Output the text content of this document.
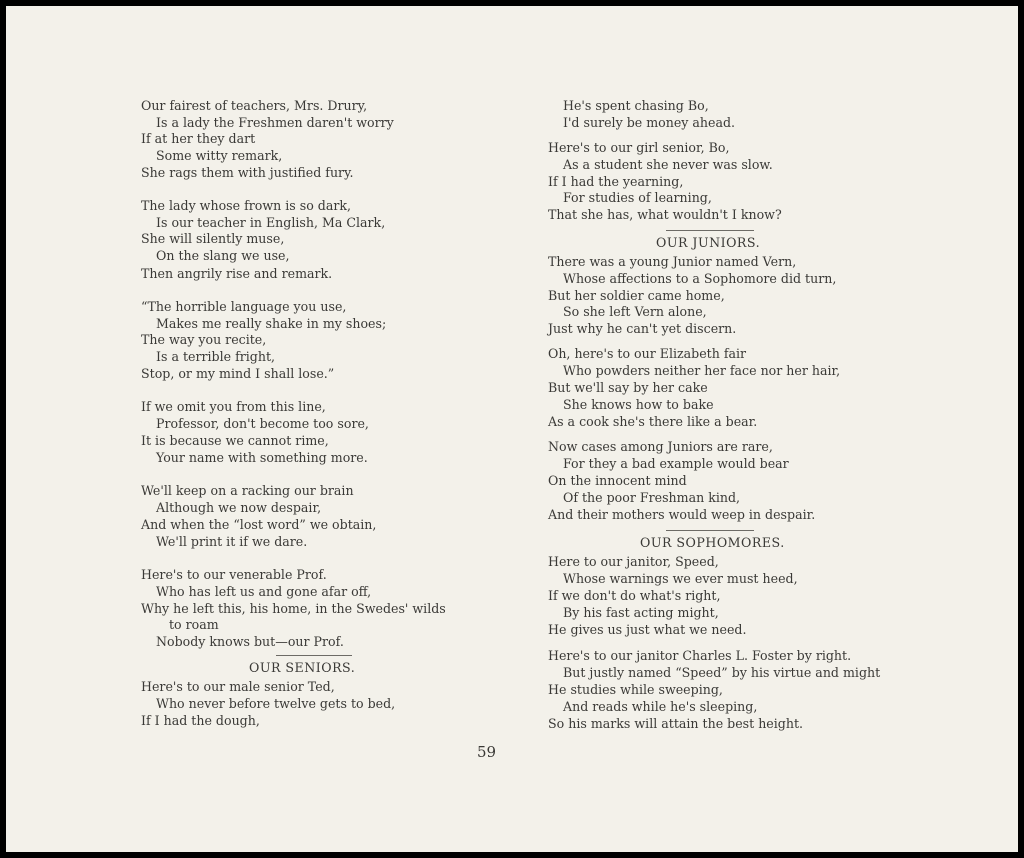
Our fairest of teachers, Mrs. Drury,
Is a lady the Freshmen daren't worry
If at her they dart
Some witty remark,
She rags them with justified fury.
The lady whose frown is so dark,
Is our teacher in English, Ma Clark,
She will silently muse,
On the slang we use,
Then angrily rise and remark.
“The horrible language you use,
Makes me really shake in my shoes;
The way you recite,
Is a terrible fright,
Stop, or my mind I shall lose.”
If we omit you from this line,
Professor, don't become too sore,
It is because we cannot rime,
Your name with something more.
We'll keep on a racking our brain
Although we now despair,
And when the “lost word” we obtain,
We'll print it if we dare.
Here's to our venerable Prof.
Who has left us and gone afar off,
Why he left this, his home, in the Swedes' wilds
to roam
Nobody knows but—our Prof.
OUR SENIORS.
Here's to our male senior Ted,
Who never before twelve gets to bed,
If I had the dough,
He's spent chasing Bo,
I'd surely be money ahead.
Here's to our girl senior, Bo,
As a student she never was slow.
If I had the yearning,
For studies of learning,
That she has, what wouldn't I know?
OUR JUNIORS.
There was a young Junior named Vern,
Whose affections to a Sophomore did turn,
But her soldier came home,
So she left Vern alone,
Just why he can't yet discern.
Oh, here's to our Elizabeth fair
Who powders neither her face nor her hair,
But we'll say by her cake
She knows how to bake
As a cook she's there like a bear.
Now cases among Juniors are rare,
For they a bad example would bear
On the innocent mind
Of the poor Freshman kind,
And their mothers would weep in despair.
OUR SOPHOMORES.
Here to our janitor, Speed,
Whose warnings we ever must heed,
If we don't do what's right,
By his fast acting might,
He gives us just what we need.
Here's to our janitor Charles L. Foster by right.
But justly named “Speed” by his virtue and might
He studies while sweeping,
And reads while he's sleeping,
So his marks will attain the best height.
59
